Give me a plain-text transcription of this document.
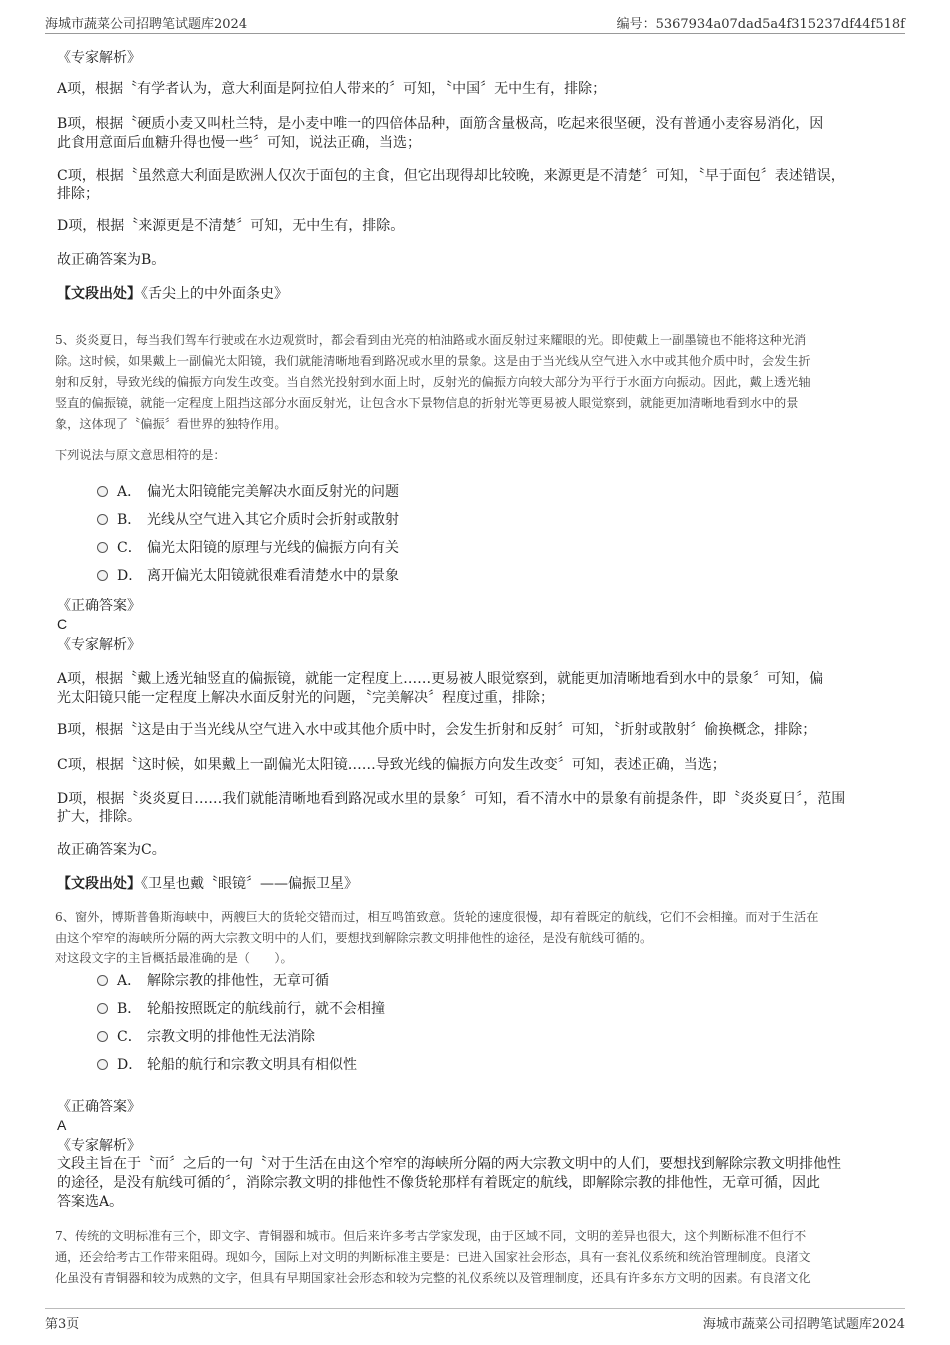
海城市蔬菜公司招聘笔试题库2024	编号：5367934a07dad5a4f315237df44f518f
《专家解析》
A项，根据〝有学者认为，意大利面是阿拉伯人带来的〞可知，〝中国〞无中生有，排除；
B项，根据〝硬质小麦又叫杜兰特，是小麦中唯一的四倍体品种，面筋含量极高，吃起来很坚硬，没有普通小麦容易消化，因
此食用意面后血糖升得也慢一些〞可知，说法正确，当选；
C项，根据〝虽然意大利面是欧洲人仅次于面包的主食，但它出现得却比较晚，来源更是不清楚〞可知，〝早于面包〞表述错误，
排除；
D项，根据〝来源更是不清楚〞可知，无中生有，排除。
故正确答案为B。
【文段出处】《舌尖上的中外面条史》
5、炎炎夏日，每当我们驾车行驶或在水边观赏时，都会看到由光亮的柏油路或水面反射过来耀眼的光。即使戴上一副墨镜也不能将这种光消
除。这时候，如果戴上一副偏光太阳镜，我们就能清晰地看到路况或水里的景象。这是由于当光线从空气进入水中或其他介质中时，会发生折
射和反射，导致光线的偏振方向发生改变。当自然光投射到水面上时，反射光的偏振方向较大部分为平行于水面方向振动。因此，戴上透光轴
竖直的偏振镜，就能一定程度上阻挡这部分水面反射光，让包含水下景物信息的折射光等更易被人眼觉察到，就能更加清晰地看到水中的景
象，这体现了〝偏振〞看世界的独特作用。
下列说法与原文意思相符的是：
A． 偏光太阳镜能完美解决水面反射光的问题
B． 光线从空气进入其它介质时会折射或散射
C． 偏光太阳镜的原理与光线的偏振方向有关
D． 离开偏光太阳镜就很难看清楚水中的景象
《正确答案》
C
《专家解析》
A项，根据〝戴上透光轴竖直的偏振镜，就能一定程度上……更易被人眼觉察到，就能更加清晰地看到水中的景象〞可知，偏
光太阳镜只能一定程度上解决水面反射光的问题，〝完美解决〞程度过重，排除；
B项，根据〝这是由于当光线从空气进入水中或其他介质中时，会发生折射和反射〞可知，〝折射或散射〞偷换概念，排除；
C项，根据〝这时候，如果戴上一副偏光太阳镜……导致光线的偏振方向发生改变〞可知，表述正确，当选；
D项，根据〝炎炎夏日……我们就能清晰地看到路况或水里的景象〞可知，看不清水中的景象有前提条件，即〝炎炎夏日〞，范围
扩大，排除。
故正确答案为C。
【文段出处】《卫星也戴〝眼镜〞——偏振卫星》
6、窗外，博斯普鲁斯海峡中，两艘巨大的货轮交错而过，相互鸣笛致意。货轮的速度很慢，却有着既定的航线，它们不会相撞。而对于生活在
由这个窄窄的海峡所分隔的两大宗教文明中的人们，要想找到解除宗教文明排他性的途径，是没有航线可循的。
对这段文字的主旨概括最准确的是（　　）。
A． 解除宗教的排他性，无章可循
B． 轮船按照既定的航线前行，就不会相撞
C． 宗教文明的排他性无法消除
D． 轮船的航行和宗教文明具有相似性
《正确答案》
A
《专家解析》
文段主旨在于〝而〞之后的一句〝对于生活在由这个窄窄的海峡所分隔的两大宗教文明中的人们，要想找到解除宗教文明排他性
的途径，是没有航线可循的〞，消除宗教文明的排他性不像货轮那样有着既定的航线，即解除宗教的排他性，无章可循，因此
答案选A。
7、传统的文明标准有三个，即文字、青铜器和城市。但后来许多考古学家发现，由于区域不同，文明的差异也很大，这个判断标准不但行不
通，还会给考古工作带来阻碍。现如今，国际上对文明的判断标准主要是：已进入国家社会形态，具有一套礼仪系统和统治管理制度。良渚文
化虽没有青铜器和较为成熟的文字，但具有早期国家社会形态和较为完整的礼仪系统以及管理制度，还具有许多东方文明的因素。有良渚文化
第3页	海城市蔬菜公司招聘笔试题库2024
